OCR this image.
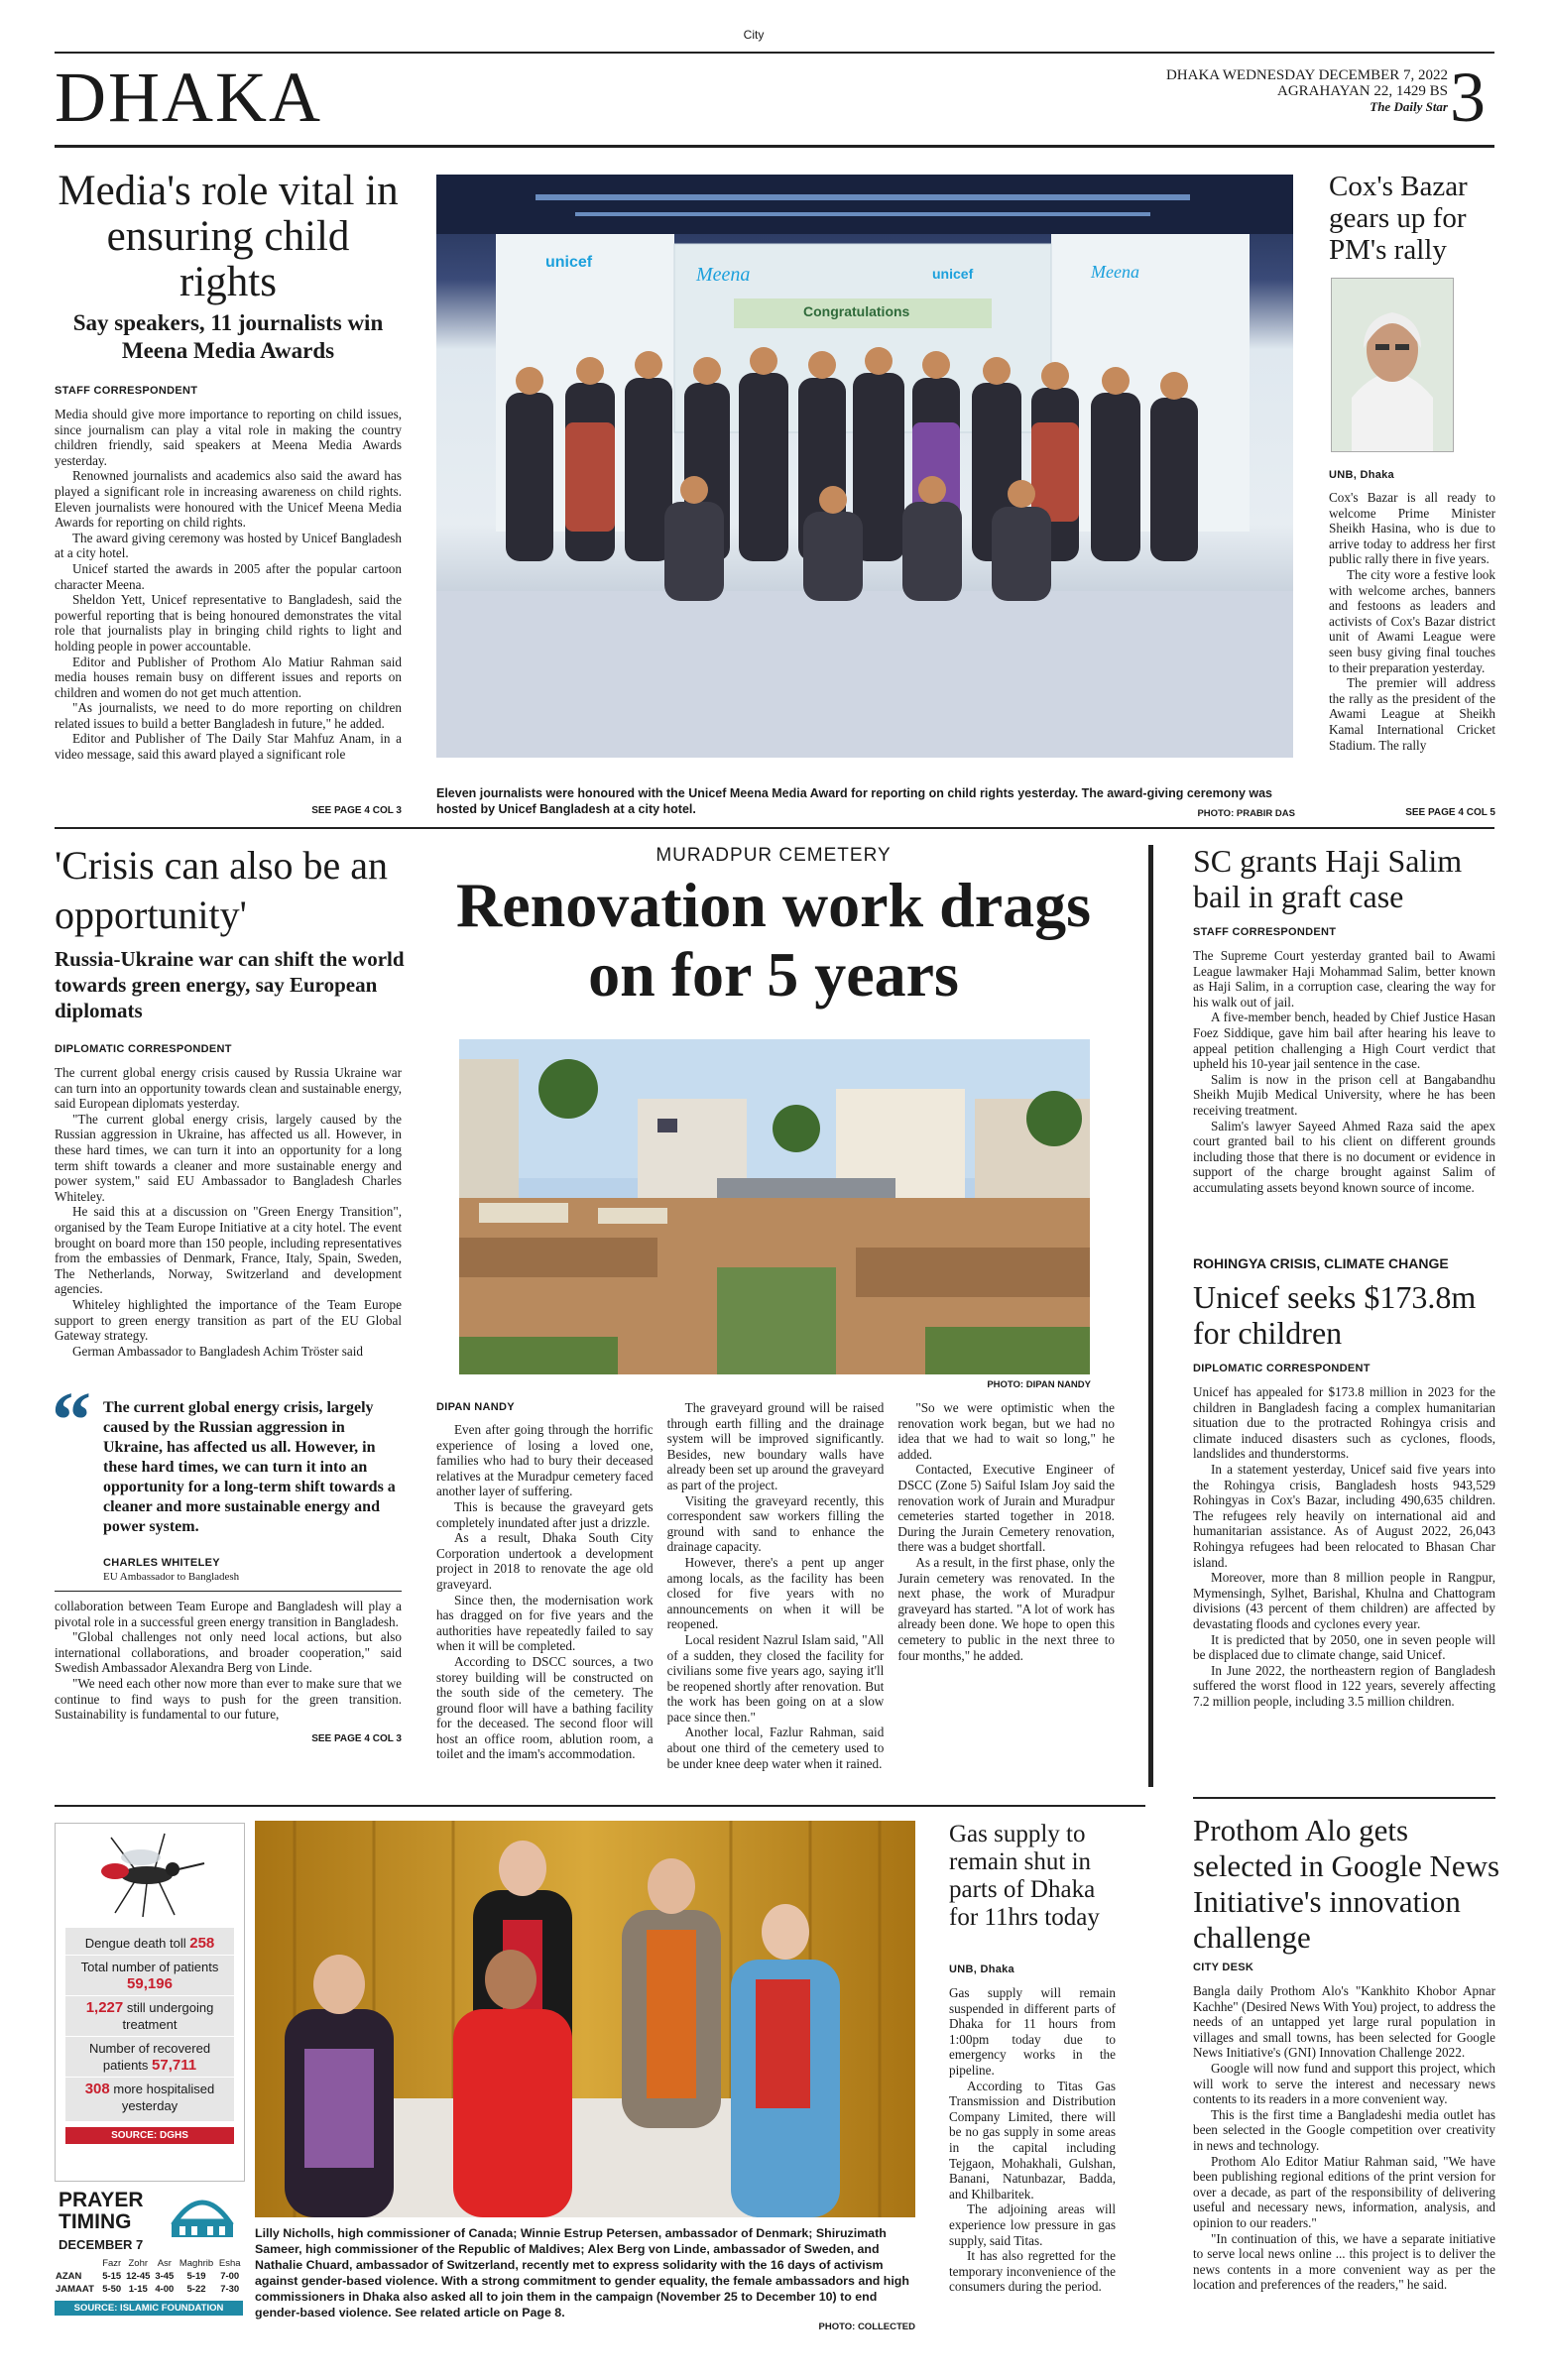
City
DHAKA	DHAKA WEDNESDAY DECEMBER 7, 2022
AGRAHAYAN 22, 1429 BS
The Daily Star 3
Media's role vital in ensuring child rights
Say speakers, 11 journalists win Meena Media Awards
STAFF CORRESPONDENT

Media should give more importance to reporting on child issues, since journalism can play a vital role in making the country children friendly, said speakers at Meena Media Awards yesterday.

Renowned journalists and academics also said the award has played a significant role in increasing awareness on child rights. Eleven journalists were honoured with the Unicef Meena Media Awards for reporting on child rights.

The award giving ceremony was hosted by Unicef Bangladesh at a city hotel.

Unicef started the awards in 2005 after the popular cartoon character Meena.

Sheldon Yett, Unicef representative to Bangladesh, said the powerful reporting that is being honoured demonstrates the vital role that journalists play in bringing child rights to light and holding people in power accountable.

Editor and Publisher of Prothom Alo Matiur Rahman said media houses remain busy on different issues and reports on children and women do not get much attention.

"As journalists, we need to do more reporting on children related issues to build a better Bangladesh in future," he added.

Editor and Publisher of The Daily Star Mahfuz Anam, in a video message, said this award played a significant role

SEE PAGE 4 COL 3
Congratulations
unicef
unicef
Meena	Meena
Eleven journalists were honoured with the Unicef Meena Media Award for reporting on child rights yesterday. The award-giving ceremony was hosted by Unicef Bangladesh at a city hotel.	PHOTO: PRABIR DAS
Cox's Bazar gears up for PM's rally
UNB, Dhaka

Cox's Bazar is all ready to welcome Prime Minister Sheikh Hasina, who is due to arrive today to address her first public rally there in five years.

The city wore a festive look with welcome arches, banners and festoons as leaders and activists of Cox's Bazar district unit of Awami League were seen busy giving final touches to their preparation yesterday.

The premier will address the rally as the president of the Awami League at Sheikh Kamal International Cricket Stadium. The rally

SEE PAGE 4 COL 5
'Crisis can also be an opportunity'
Russia-Ukraine war can shift the world towards green energy, say European diplomats
DIPLOMATIC CORRESPONDENT

The current global energy crisis caused by Russia Ukraine war can turn into an opportunity towards clean and sustainable energy, said European diplomats yesterday.

"The current global energy crisis, largely caused by the Russian aggression in Ukraine, has affected us all. However, in these hard times, we can turn it into an opportunity for a long term shift towards a cleaner and more sustainable energy and power system," said EU Ambassador to Bangladesh Charles Whiteley.

He said this at a discussion on "Green Energy Transition", organised by the Team Europe Initiative at a city hotel. The event brought on board more than 150 people, including representatives from the embassies of Denmark, France, Italy, Spain, Sweden, The Netherlands, Norway, Switzerland and development agencies.

Whiteley highlighted the importance of the Team Europe support to green energy transition as part of the EU Global Gateway strategy.

German Ambassador to Bangladesh Achim Tröster said

“ The current global energy crisis, largely caused by the Russian aggression in Ukraine, has affected us all. However, in these hard times, we can turn it into an opportunity for a long-term shift towards a cleaner and more sustainable energy and power system.
CHARLES WHITELEY
EU Ambassador to Bangladesh

collaboration between Team Europe and Bangladesh will play a pivotal role in a successful green energy transition in Bangladesh.

"Global challenges not only need local actions, but also international collaborations, and broader cooperation," said Swedish Ambassador Alexandra Berg von Linde.

"We need each other now more than ever to make sure that we continue to find ways to push for the green transition. Sustainability is fundamental to our future,

SEE PAGE 4 COL 3
MURADPUR CEMETERY
Renovation work drags on for 5 years
PHOTO: DIPAN NANDY
DIPAN NANDY

Even after going through the horrific experience of losing a loved one, families who had to bury their deceased relatives at the Muradpur cemetery faced another layer of suffering.

This is because the graveyard gets completely inundated after just a drizzle.

As a result, Dhaka South City Corporation undertook a development project in 2018 to renovate the age old graveyard.

Since then, the modernisation work has dragged on for five years and the authorities have repeatedly failed to say when it will be completed.

According to DSCC sources, a two storey building will be constructed on the south side of the cemetery. The ground floor will have a bathing facility for the deceased. The second floor will host an office room, ablution room, a toilet and the imam's accommodation.

The graveyard ground will be raised through earth filling and the drainage system will be improved significantly. Besides, new boundary walls have already been set up around the graveyard as part of the project.

Visiting the graveyard recently, this correspondent saw workers filling the ground with sand to enhance the drainage capacity.

However, there's a pent up anger among locals, as the facility has been closed for five years with no announcements on when it will be reopened.

Local resident Nazrul Islam said, "All of a sudden, they closed the facility for civilians some five years ago, saying it'll be reopened shortly after renovation. But the work has been going on at a slow pace since then."

Another local, Fazlur Rahman, said about one third of the cemetery used to be under knee deep water when it rained.

"So we were optimistic when the renovation work began, but we had no idea that we had to wait so long," he added.

Contacted, Executive Engineer of DSCC (Zone 5) Saiful Islam Joy said the renovation work of Jurain and Muradpur cemeteries started together in 2018. During the Jurain Cemetery renovation, there was a budget shortfall.

As a result, in the first phase, only the Jurain cemetery was renovated. In the next phase, the work of Muradpur graveyard has started. "A lot of work has already been done. We hope to open this cemetery to public in the next three to four months," he added.

SC grants Haji Salim bail in graft case
STAFF CORRESPONDENT

The Supreme Court yesterday granted bail to Awami League lawmaker Haji Mohammad Salim, better known as Haji Salim, in a corruption case, clearing the way for his walk out of jail.

A five-member bench, headed by Chief Justice Hasan Foez Siddique, gave him bail after hearing his leave to appeal petition challenging a High Court verdict that upheld his 10-year jail sentence in the case.

Salim is now in the prison cell at Bangabandhu Sheikh Mujib Medical University, where he has been receiving treatment.

Salim's lawyer Sayeed Ahmed Raza said the apex court granted bail to his client on different grounds including those that there is no document or evidence in support of the charge brought against Salim of accumulating assets beyond known source of income.

ROHINGYA CRISIS, CLIMATE CHANGE
Unicef seeks $173.8m for children
DIPLOMATIC CORRESPONDENT

Unicef has appealed for $173.8 million in 2023 for the children in Bangladesh facing a complex humanitarian situation due to the protracted Rohingya crisis and climate induced disasters such as cyclones, floods, landslides and thunderstorms.

In a statement yesterday, Unicef said five years into the Rohingya crisis, Bangladesh hosts 943,529 Rohingyas in Cox's Bazar, including 490,635 children. The refugees rely heavily on international aid and humanitarian assistance. As of August 2022, 26,043 Rohingya refugees had been relocated to Bhasan Char island.

Moreover, more than 8 million people in Rangpur, Mymensingh, Sylhet, Barishal, Khulna and Chattogram divisions (43 percent of them children) are affected by devastating floods and cyclones every year.

It is predicted that by 2050, one in seven people will be displaced due to climate change, said Unicef.

In June 2022, the northeastern region of Bangladesh suffered the worst flood in 122 years, severely affecting 7.2 million people, including 3.5 million children.

Dengue death toll 258
Total number of patients 59,196
1,227 still undergoing treatment
Number of recovered patients 57,711
308 more hospitalised yesterday
SOURCE: DGHS
PRAYER TIMING
DECEMBER 7
	Fazr	Zohr	Asr	Maghrib	Esha
AZAN	5-15	12-45	3-45	5-19	7-00
JAMAAT	5-50	1-15	4-00	5-22	7-30
SOURCE: ISLAMIC FOUNDATION
Lilly Nicholls, high commissioner of Canada; Winnie Estrup Petersen, ambassador of Denmark; Shiruzimath Sameer, high commissioner of the Republic of Maldives; Alex Berg von Linde, ambassador of Sweden, and Nathalie Chuard, ambassador of Switzerland, recently met to express solidarity with the 16 days of activism against gender-based violence. With a strong commitment to gender equality, the female ambassadors and high commissioners in Dhaka also asked all to join them in the campaign (November 25 to December 10) to end gender-based violence. See related article on Page 8.
PHOTO: COLLECTED
Gas supply to remain shut in parts of Dhaka for 11hrs today
UNB, Dhaka

Gas supply will remain suspended in different parts of Dhaka for 11 hours from 1:00pm today due to emergency works in the pipeline.

According to Titas Gas Transmission and Distribution Company Limited, there will be no gas supply in some areas in the capital including Tejgaon, Mohakhali, Gulshan, Banani, Natunbazar, Badda, and Khilbaritek.

The adjoining areas will experience low pressure in gas supply, said Titas.

It has also regretted for the temporary inconvenience of the consumers during the period.

Prothom Alo gets selected in Google News Initiative's innovation challenge
CITY DESK

Bangla daily Prothom Alo's "Kankhito Khobor Apnar Kachhe" (Desired News With You) project, to address the needs of an untapped yet large rural population in villages and small towns, has been selected for Google News Initiative's (GNI) Innovation Challenge 2022.

Google will now fund and support this project, which will work to serve the interest and necessary news contents to its readers in a more convenient way.

This is the first time a Bangladeshi media outlet has been selected in the Google competition over creativity in news and technology.

Prothom Alo Editor Matiur Rahman said, "We have been publishing regional editions of the print version for over a decade, as part of the responsibility of delivering useful and necessary news, information, analysis, and opinion to our readers."

"In continuation of this, we have a separate initiative to serve local news online ... this project is to deliver the news contents in a more convenient way as per the location and preferences of the readers," he said.
